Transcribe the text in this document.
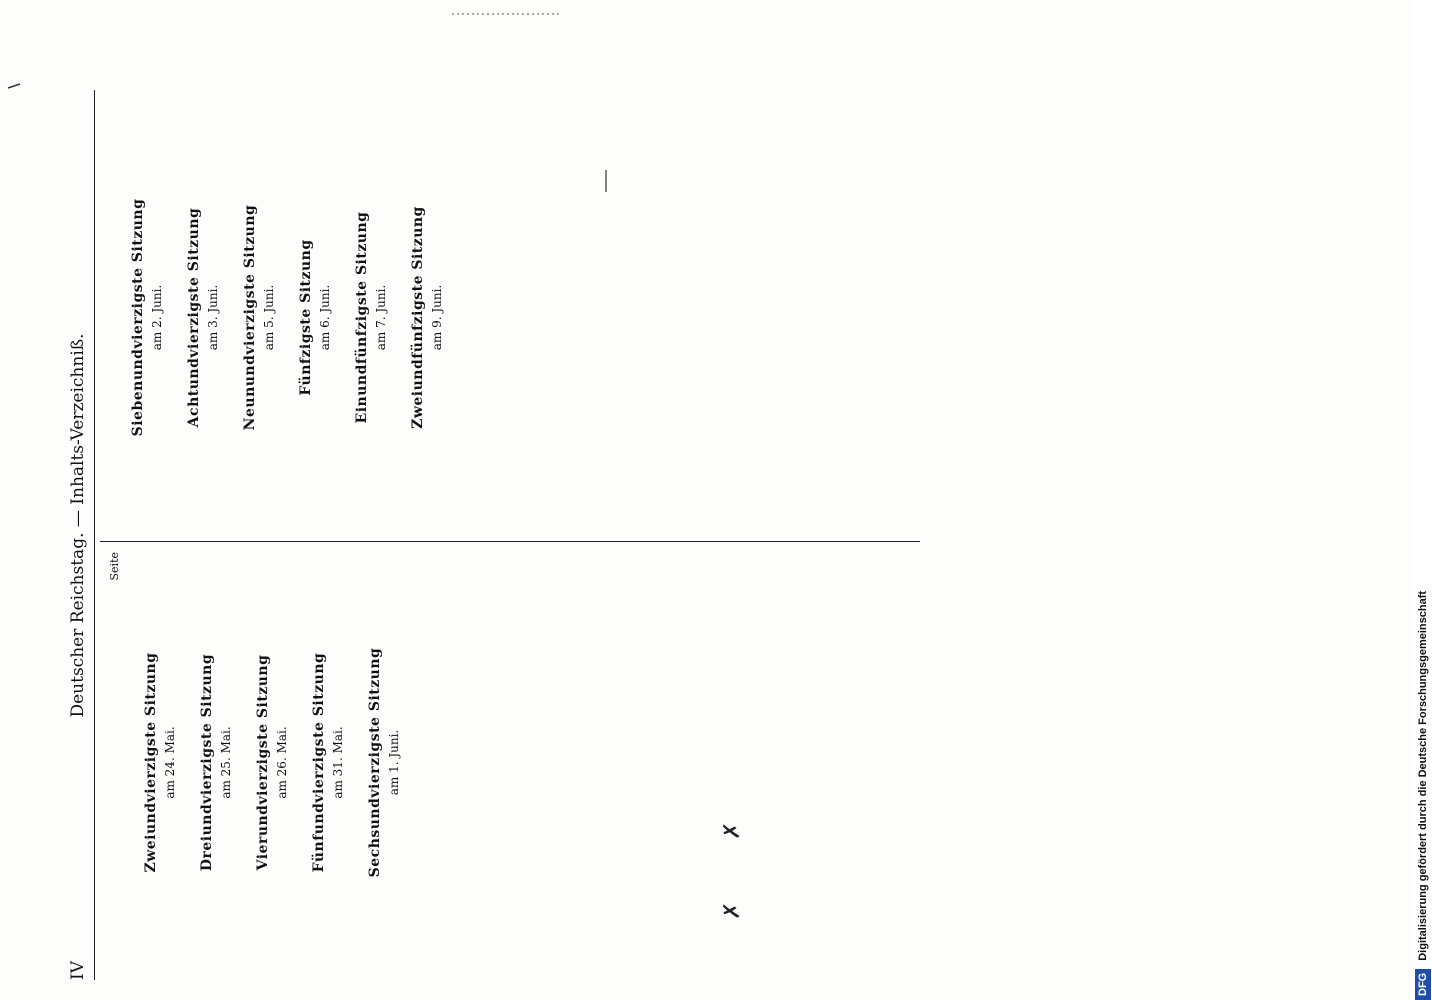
IV
Deutscher Reichstag. — Inhalts-Verzeichniß. Seite
Zweiundvierzigste Sitzung am 24. Mai. Dreiundvierzigste Sitzung am 25. Mai. Vierundvierzigste Sitzung am 26. Mai. Fünfundvierzigste Sitzung am 31. Mai. Sechsundvierzigste Sitzung am 1. Juni.
Siebenundvierzigste Sitzung am 2. Juni. Achtundvierzigste Sitzung am 3. Juni. Neunundvierzigste Sitzung am 5. Juni. Fünfzigste Sitzung am 6. Juni. Einundfünfzigste Sitzung am 7. Juni. Zweiundfünfzigste Sitzung am 9. Juni.
✗
✗
DFG
Digitalisierung gefördert durch die Deutsche Forschungsgemeinschaft
